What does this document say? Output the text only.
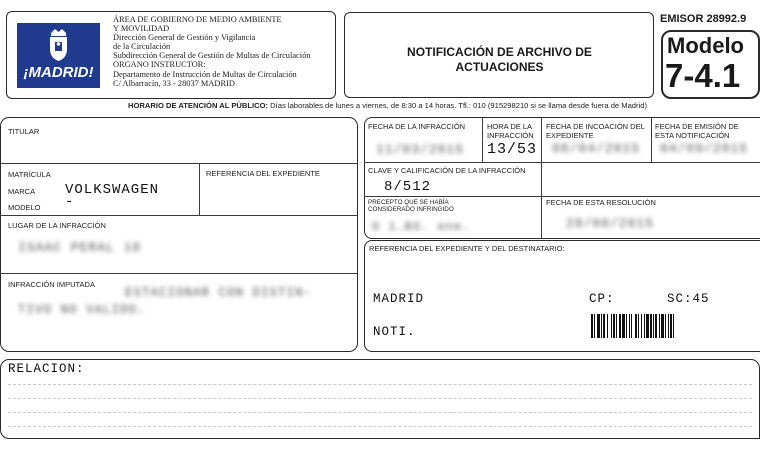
¡MADRID!
ÁREA DE GOBIERNO DE MEDIO AMBIENTE
Y MOVILIDAD
Dirección General de Gestión y Vigilancia
de la Circulación
Subdirección General de Gestión de Multas de Circulación
ORGANO INSTRUCTOR:
Departamento de Instrucción de Multas de Circulación
C/ Albarracín, 33 - 28037 MADRID
NOTIFICACIÓN DE ARCHIVO DE ACTUACIONES
EMISOR 28992.9
Modelo
7-4.1
HORARIO DE ATENCIÓN AL PÚBLICO: Días laborables de lunes a viernes, de 8:30 a 14 horas. Tfl.: 010 (915298210 si se llama desde fuera de Madrid)
TITULAR
MATRÍCULA
MARCA VOLKSWAGEN
MODELO -
REFERENCIA DEL EXPEDIENTE
LUGAR DE LA INFRACCIÓN
ISAAC PERAL 18
INFRACCIÓN IMPUTADA
ESTACIONAR CON DISTIN-
TIVO NO VALIDO.
FECHA DE LA INFRACCIÓN
11/03/2015
HORA DE LA INFRACCIÓN
13/53
FECHA DE INCOACIÓN DEL EXPEDIENTE
08/04/2015
FECHA DE EMISIÓN DE ESTA NOTIFICACIÓN
04/09/2015
CLAVE Y CALIFICACIÓN DE LA INFRACCIÓN
8/512
PRECEPTO QUE SE HABÍA CONSIDERADO INFRINGIDO
O 1.BS. ene.
FECHA DE ESTA RESOLUCIÓN
28/08/2015
REFERENCIA DEL EXPEDIENTE Y DEL DESTINATARIO:
MADRID	CP:	SC:45
NOTI.
RELACION:
